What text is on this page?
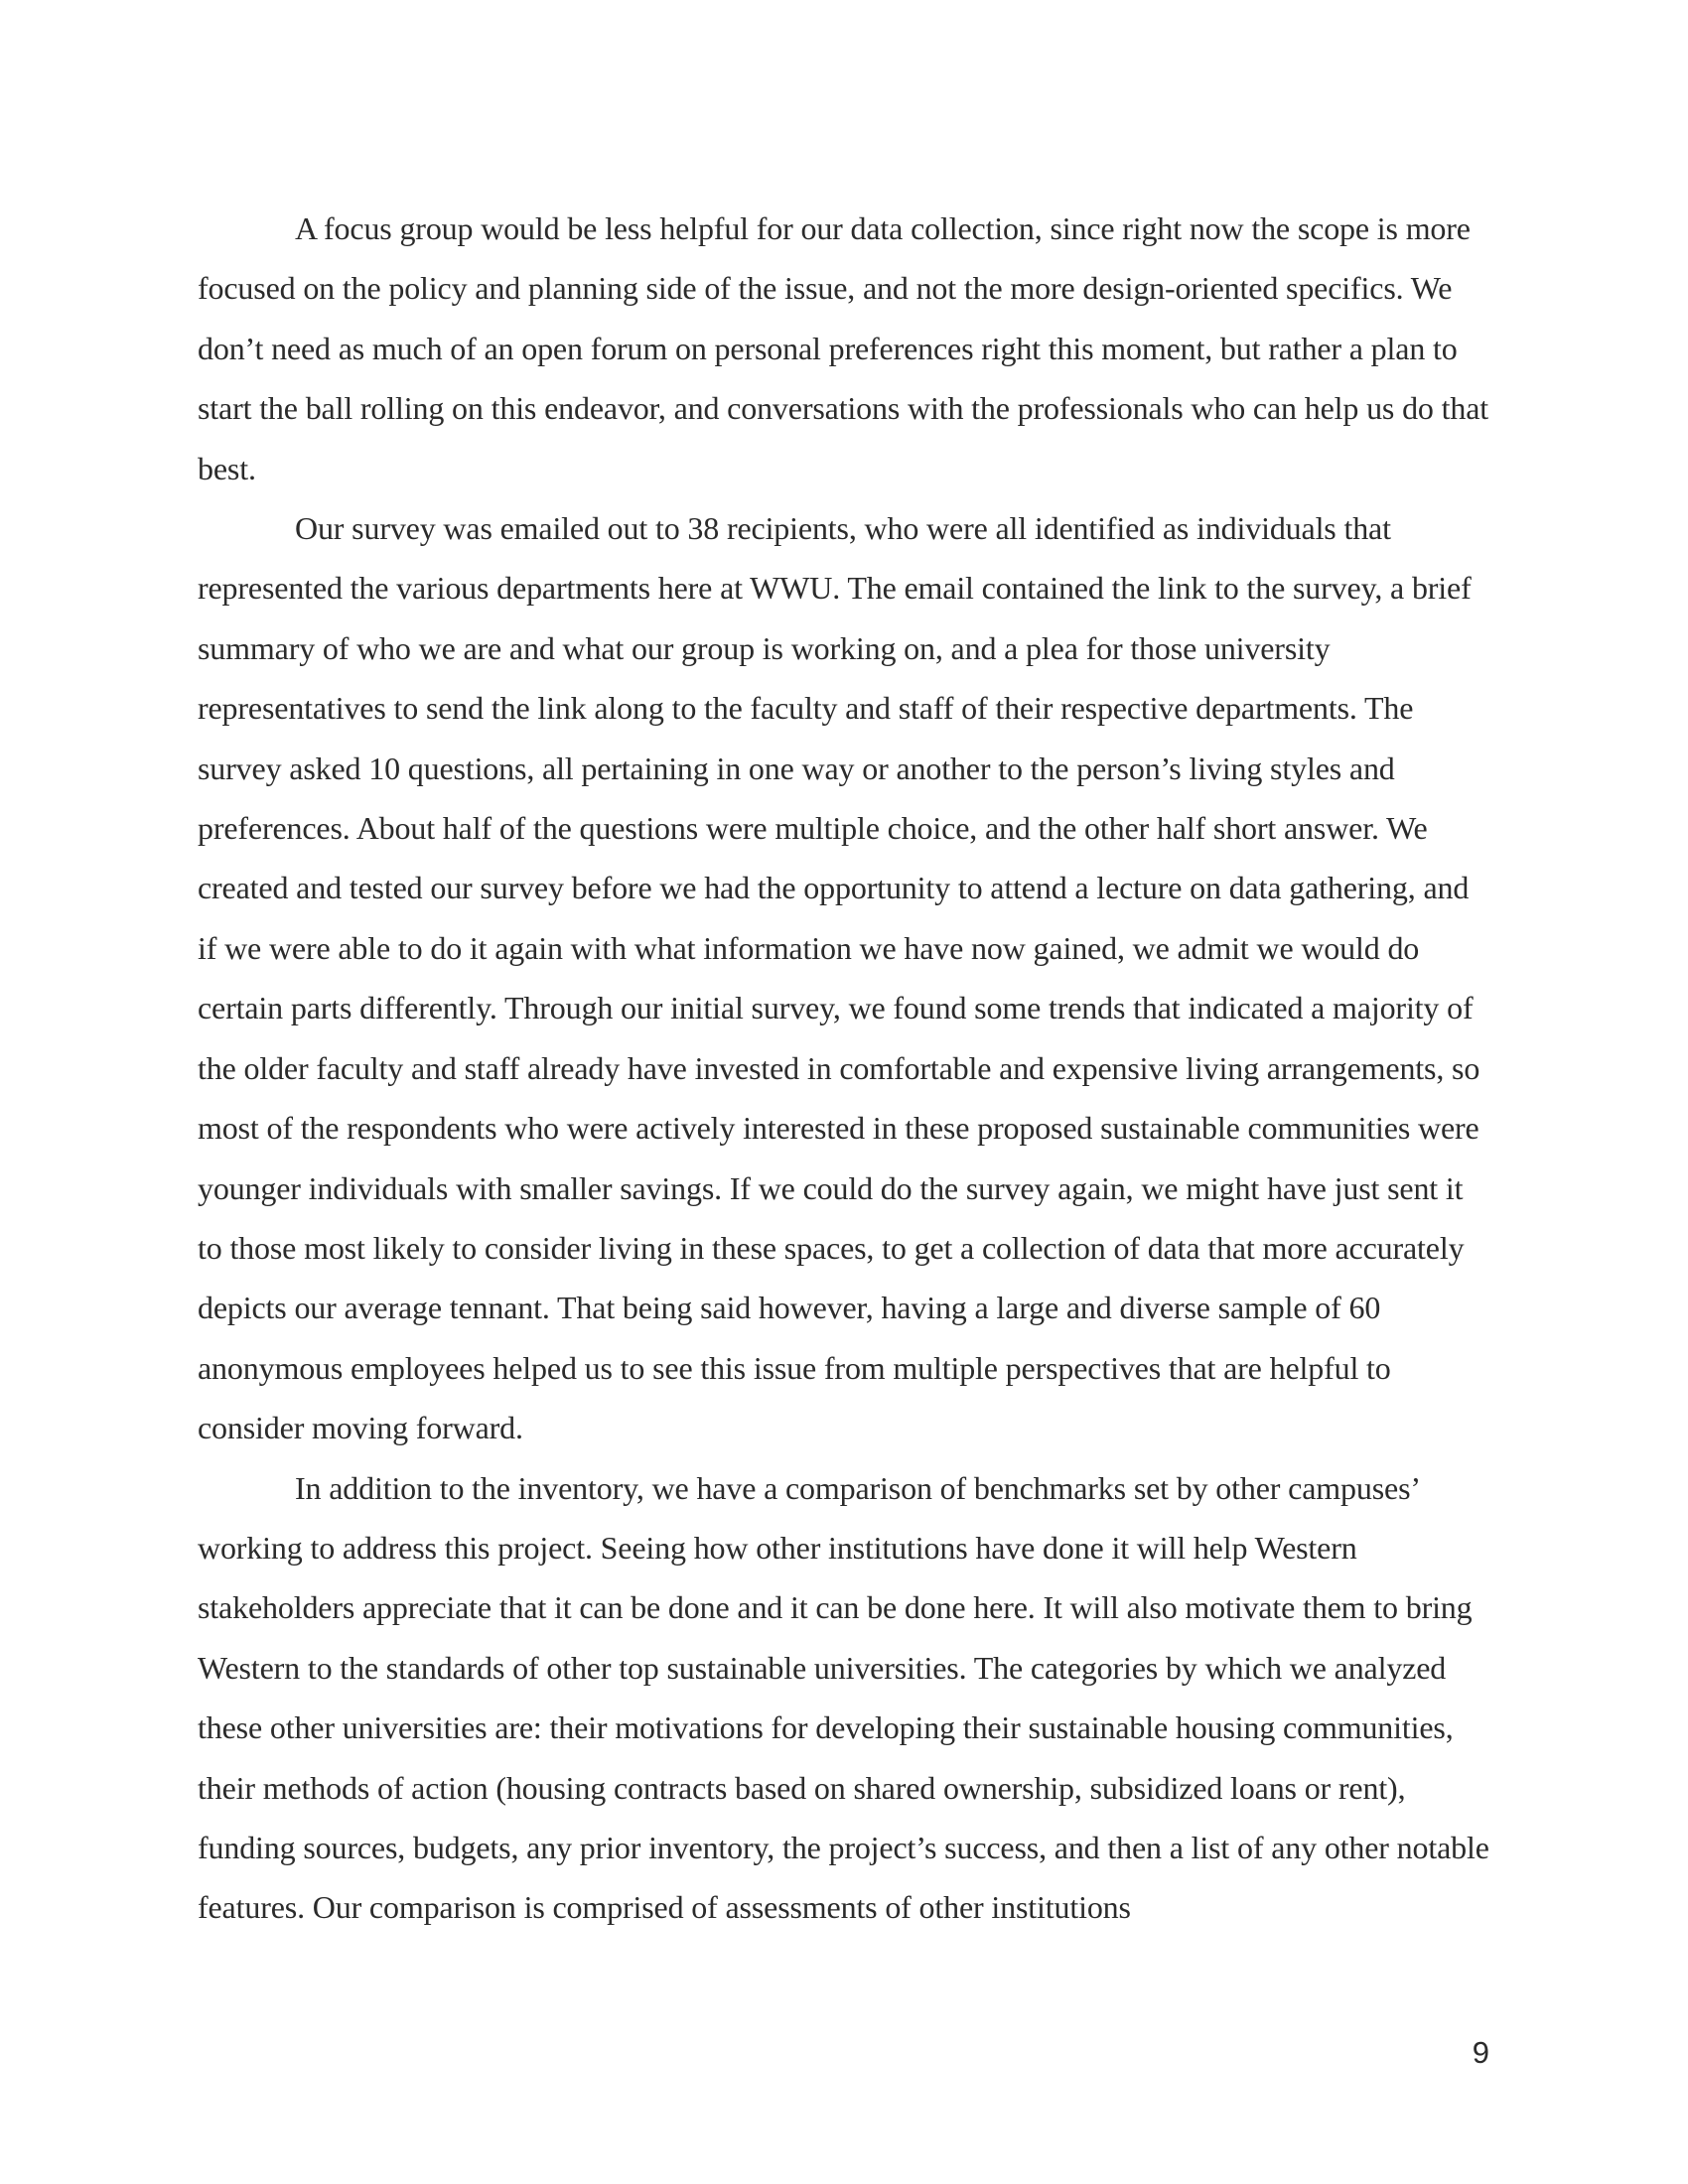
A focus group would be less helpful for our data collection, since right now the scope is more focused on the policy and planning side of the issue, and not the more design-oriented specifics. We don’t need as much of an open forum on personal preferences right this moment, but rather a plan to start the ball rolling on this endeavor, and conversations with the professionals who can help us do that best.

Our survey was emailed out to 38 recipients, who were all identified as individuals that represented the various departments here at WWU. The email contained the link to the survey, a brief summary of who we are and what our group is working on, and a plea for those university representatives to send the link along to the faculty and staff of their respective departments. The survey asked 10 questions, all pertaining in one way or another to the person’s living styles and preferences. About half of the questions were multiple choice, and the other half short answer. We created and tested our survey before we had the opportunity to attend a lecture on data gathering, and if we were able to do it again with what information we have now gained, we admit we would do certain parts differently. Through our initial survey, we found some trends that indicated a majority of the older faculty and staff already have invested in comfortable and expensive living arrangements, so most of the respondents who were actively interested in these proposed sustainable communities were younger individuals with smaller savings. If we could do the survey again, we might have just sent it to those most likely to consider living in these spaces, to get a collection of data that more accurately depicts our average tennant. That being said however, having a large and diverse sample of 60 anonymous employees helped us to see this issue from multiple perspectives that are helpful to consider moving forward.

In addition to the inventory, we have a comparison of benchmarks set by other campuses’ working to address this project. Seeing how other institutions have done it will help Western stakeholders appreciate that it can be done and it can be done here. It will also motivate them to bring Western to the standards of other top sustainable universities. The categories by which we analyzed these other universities are: their motivations for developing their sustainable housing communities, their methods of action (housing contracts based on shared ownership, subsidized loans or rent), funding sources, budgets, any prior inventory, the project’s success, and then a list of any other notable features. Our comparison is comprised of assessments of other institutions

9
